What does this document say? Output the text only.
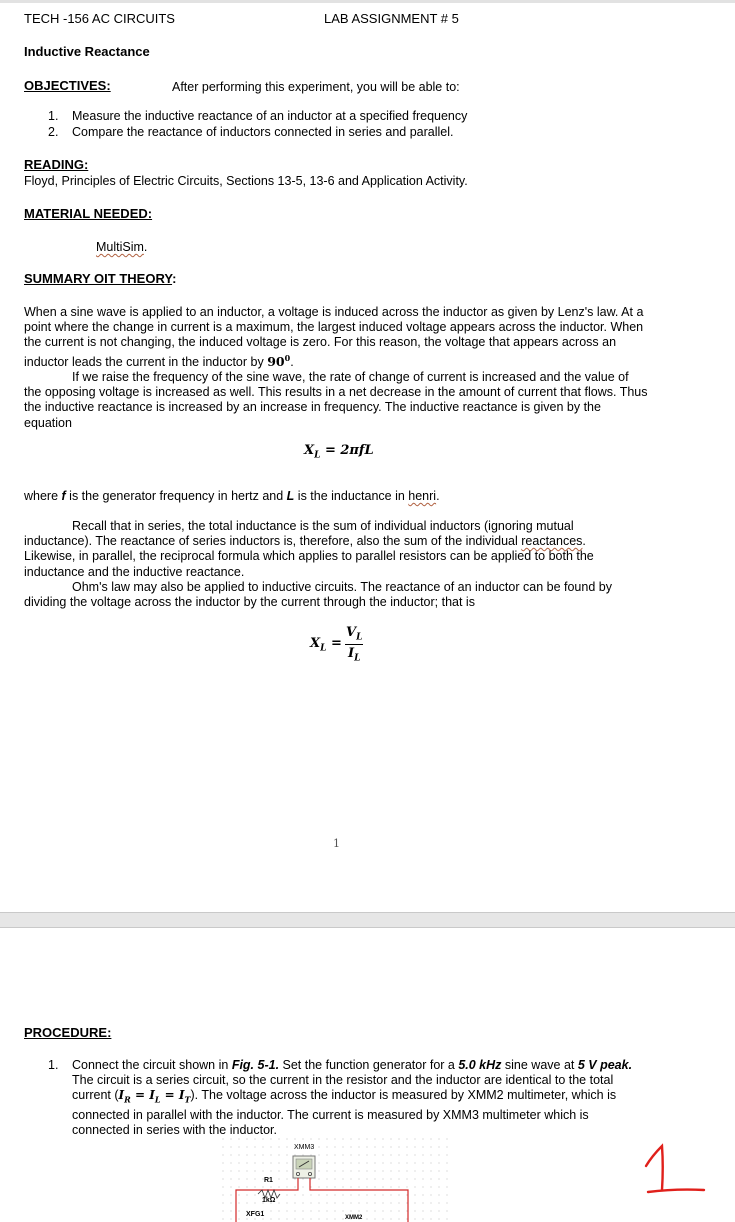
TECH -156 AC CIRCUITS	LAB ASSIGNMENT # 5
Inductive Reactance
OBJECTIVES:	After performing this experiment, you will be able to:
1. Measure the inductive reactance of an inductor at a specified frequency
2. Compare the reactance of inductors connected in series and parallel.
READING:
Floyd, Principles of Electric Circuits, Sections 13-5, 13-6 and Application Activity.
MATERIAL NEEDED:
MultiSim.
SUMMARY OIT THEORY:

When a sine wave is applied to an inductor, a voltage is induced across the inductor as given by Lenz's law. At a point where the change in current is a maximum, the largest induced voltage appears across the inductor. When the current is not changing, the induced voltage is zero. For this reason, the voltage that appears across an inductor leads the current in the inductor by $90^0$.

If we raise the frequency of the sine wave, the rate of change of current is increased and the value of the opposing voltage is increased as well. This results in a net decrease in the amount of current that flows. Thus the inductive reactance is increased by an increase in frequency. The inductive reactance is given by the equation

$X_L = 2\pi fL$
where f is the generator frequency in hertz and L is the inductance in henri.

Recall that in series, the total inductance is the sum of individual inductors (ignoring mutual inductance). The reactance of series inductors is, therefore, also the sum of the individual reactances. Likewise, in parallel, the reciprocal formula which applies to parallel resistors can be applied to both the inductance and the inductive reactance.

Ohm's law may also be applied to inductive circuits. The reactance of an inductor can be found by dividing the voltage across the inductor by the current through the inductor; that is

$X_L$ =
$V_L$
$I_L$
1
PROCEDURE:
1. Connect the circuit shown in Fig. 5-1. Set the function generator for a 5.0 kHz sine wave at 5 V peak. The circuit is a series circuit, so the current in the resistor and the inductor are identical to the total current $(I_R = I_L = I_T)$. The voltage across the inductor is measured by XMM2 multimeter, which is connected in parallel with the inductor. The current is measured by XMM3 multimeter which is connected in series with the inductor.
XMM3
R1
1kΩ
XFG1	XMM2
